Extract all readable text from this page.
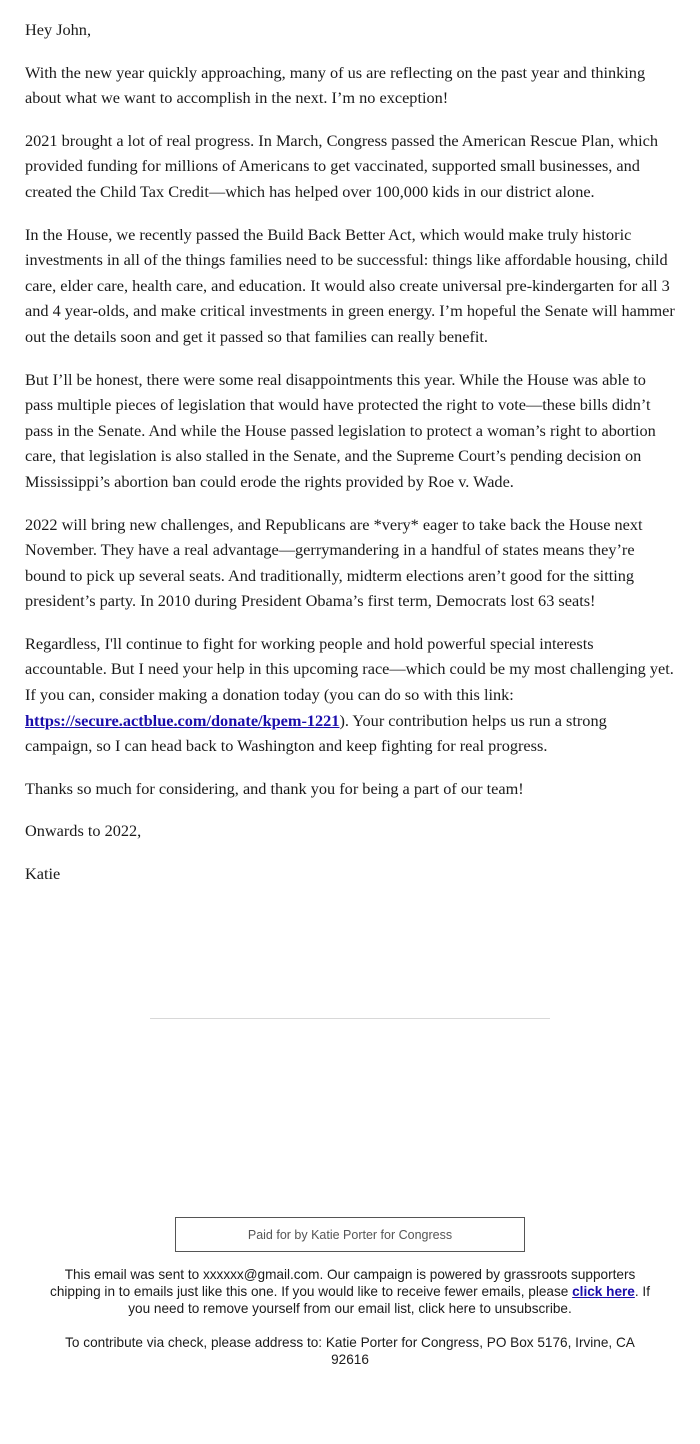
Hey John,

With the new year quickly approaching, many of us are reflecting on the past year and thinking about what we want to accomplish in the next. I’m no exception!

2021 brought a lot of real progress. In March, Congress passed the American Rescue Plan, which provided funding for millions of Americans to get vaccinated, supported small businesses, and created the Child Tax Credit—which has helped over 100,000 kids in our district alone.

In the House, we recently passed the Build Back Better Act, which would make truly historic investments in all of the things families need to be successful: things like affordable housing, child care, elder care, health care, and education. It would also create universal pre-kindergarten for all 3 and 4 year-olds, and make critical investments in green energy. I’m hopeful the Senate will hammer out the details soon and get it passed so that families can really benefit.

But I’ll be honest, there were some real disappointments this year. While the House was able to pass multiple pieces of legislation that would have protected the right to vote—these bills didn’t pass in the Senate. And while the House passed legislation to protect a woman’s right to abortion care, that legislation is also stalled in the Senate, and the Supreme Court’s pending decision on Mississippi’s abortion ban could erode the rights provided by Roe v. Wade.

2022 will bring new challenges, and Republicans are *very* eager to take back the House next November. They have a real advantage—gerrymandering in a handful of states means they’re bound to pick up several seats. And traditionally, midterm elections aren’t good for the sitting president’s party. In 2010 during President Obama’s first term, Democrats lost 63 seats!

Regardless, I'll continue to fight for working people and hold powerful special interests accountable. But I need your help in this upcoming race—which could be my most challenging yet. If you can, consider making a donation today (you can do so with this link: https://secure.actblue.com/donate/kpem-1221). Your contribution helps us run a strong campaign, so I can head back to Washington and keep fighting for real progress.

Thanks so much for considering, and thank you for being a part of our team!

Onwards to 2022,

Katie

Paid for by Katie Porter for Congress

This email was sent to xxxxxx@gmail.com. Our campaign is powered by grassroots supporters chipping in to emails just like this one. If you would like to receive fewer emails, please click here. If you need to remove yourself from our email list, click here to unsubscribe.

To contribute via check, please address to: Katie Porter for Congress, PO Box 5176, Irvine, CA 92616
